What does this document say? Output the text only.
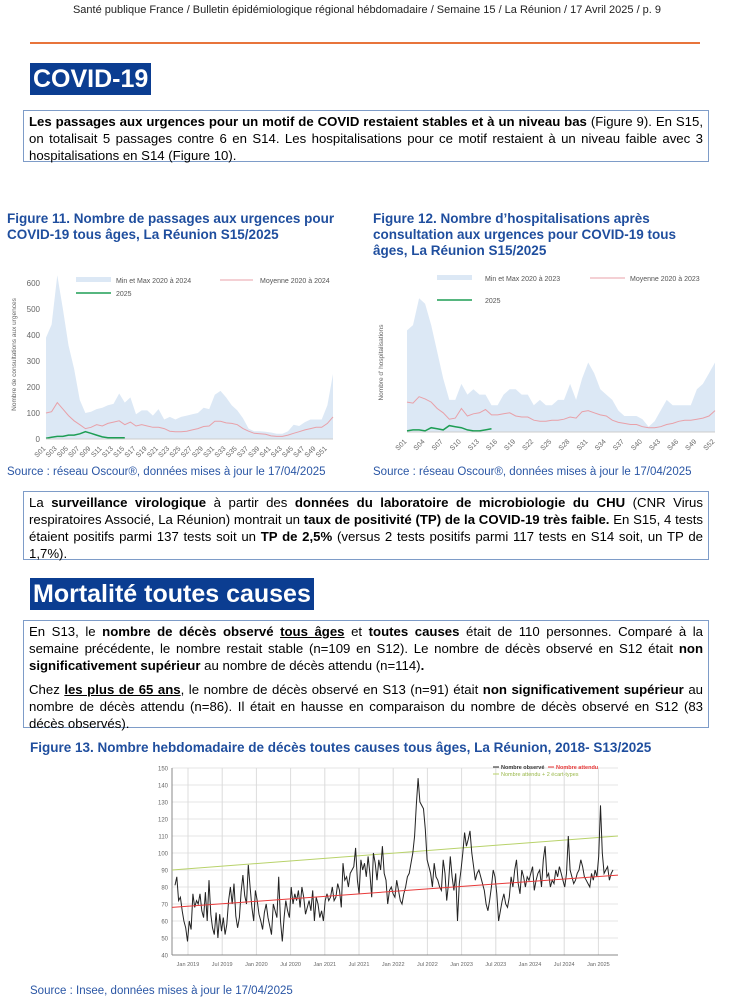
Santé publique France / Bulletin épidémiologique régional hébdomadaire / Semaine 15 / La Réunion / 17 Avril 2025 / p. 9
COVID-19

Les passages aux urgences pour un motif de COVID restaient stables et à un niveau bas (Figure 9). En S15, on totalisait 5 passages contre 6 en S14. Les hospitalisations pour ce motif restaient à un niveau faible avec 3 hospitalisations en S14 (Figure 10).

Figure 11. Nombre de passages aux urgences pour COVID-19 tous âges, La Réunion S15/2025
Figure 12. Nombre d’hospitalisations après consultation aux urgences pour COVID-19 tous âges, La Réunion S15/2025
0
100
200
300
400
500
600
S01
S03
S05
S07
S09
S11
S13
S15
S17
S19
S21
S23
S25
S27
S29
S31
S33
S35
S37
S39
S41
S43
S45
S47
S49
S51
Nombre de consultations aux urgences
Min et Max 2020 à 2024	Moyenne 2020 à 2024
2025
S01 S04 S07 S10 S13 S16 S19 S22 S25 S28 S31 S34 S37 S40 S43 S46 S49 S52
Nombre d' hospitalisations
Min et Max 2020 à 2023	Moyenne 2020 à 2023
2025
Source : réseau Oscour®, données mises à jour le 17/04/2025	Source : réseau Oscour®, données mises à jour le 17/04/2025

La surveillance virologique à partir des données du laboratoire de microbiologie du CHU (CNR Virus respiratoires Associé, La Réunion) montrait un taux de positivité (TP) de la COVID-19 très faible. En S15, 4 tests étaient positifs parmi 137 tests soit un TP de 2,5% (versus 2 tests positifs parmi 117 tests en S14 soit, un TP de 1,7%).

Mortalité toutes causes

En S13, le nombre de décès observé tous âges et toutes causes était de 110 personnes. Comparé à la semaine précédente, le nombre restait stable (n=109 en S12). Le nombre de décès observé en S12 était non significativement supérieur au nombre de décès attendu (n=114).

Chez les plus de 65 ans, le nombre de décès observé en S13 (n=91) était non significativement supérieur au nombre de décès attendu (n=86). Il était en hausse en comparaison du nombre de décès observé en S12 (83 décès observés).

Figure 13. Nombre hebdomadaire de décès toutes causes tous âges, La Réunion, 2018- S13/2025
40
50
60
70
80
90
100
110
120
130
140
150
Jan 2019 Jul 2019 Jan 2020 Jul 2020 Jan 2021 Jul 2021 Jan 2022 Jul 2022 Jan 2023 Jul 2023 Jan 2024 Jul 2024 Jan 2025
Nombre observé Nombre attendu
Nombre attendu + 2 écart-types
Source : Insee, données mises à jour le 17/04/2025
